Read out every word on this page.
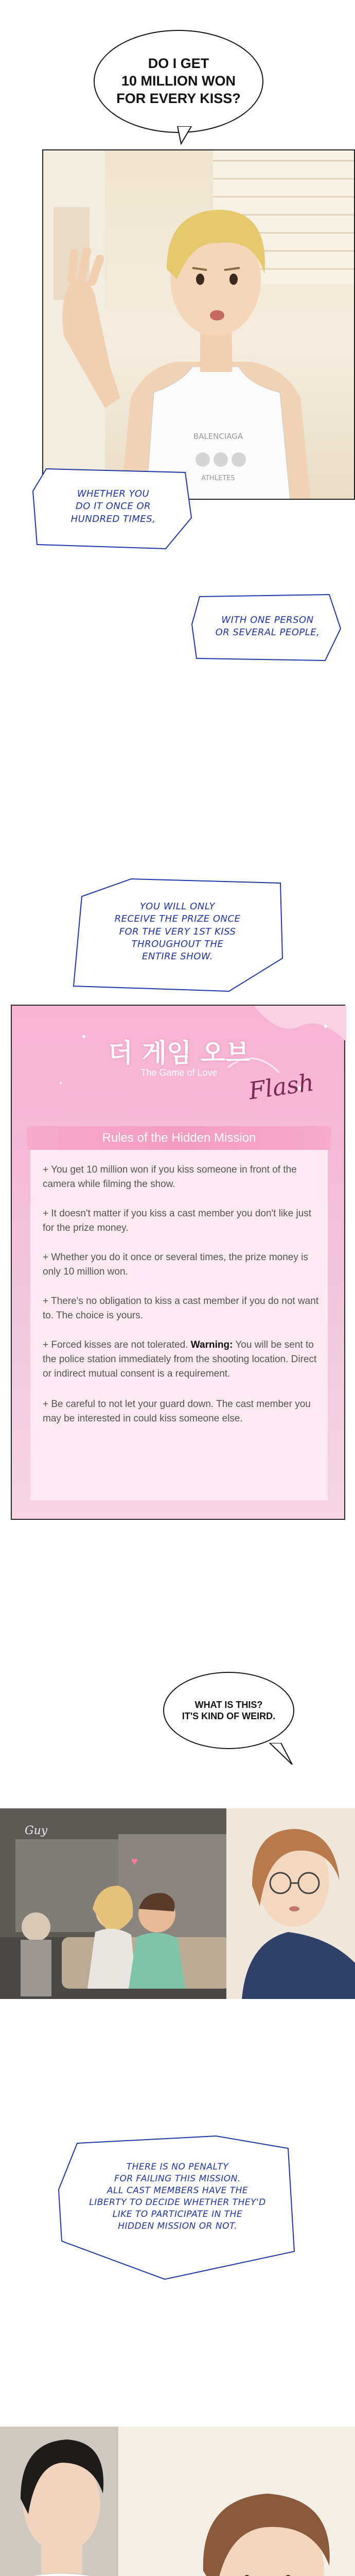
DO I GET
10 MILLION WON
FOR EVERY KISS?
BALENCIAGA
ATHLETES
WHETHER YOU
DO IT ONCE OR
HUNDRED TIMES,
WITH ONE PERSON
OR SEVERAL PEOPLE,
YOU WILL ONLY
RECEIVE THE PRIZE ONCE
FOR THE VERY 1ST KISS
THROUGHOUT THE
ENTIRE SHOW.
더 게임 오브
The Game of Love	Flash
Rules of the Hidden Mission
+ You get 10 million won if you kiss someone in front of the camera while filming the show.
+ It doesn't matter if you kiss a cast member you don't like just for the prize money.
+ Whether you do it once or several times, the prize money is only 10 million won.
+ There's no obligation to kiss a cast member if you do not want to. The choice is yours.
+ Forced kisses are not tolerated. Warning: You will be sent to the police station immediately from the shooting location. Direct or indirect mutual consent is a requirement.
+ Be careful to not let your guard down. The cast member you may be interested in could kiss someone else.
WHAT IS THIS?
IT'S KIND OF WEIRD.
Guy
♥
THERE IS NO PENALTY
FOR FAILING THIS MISSION.
ALL CAST MEMBERS HAVE THE
LIBERTY TO DECIDE WHETHER THEY'D
LIKE TO PARTICIPATE IN THE
HIDDEN MISSION OR NOT.
